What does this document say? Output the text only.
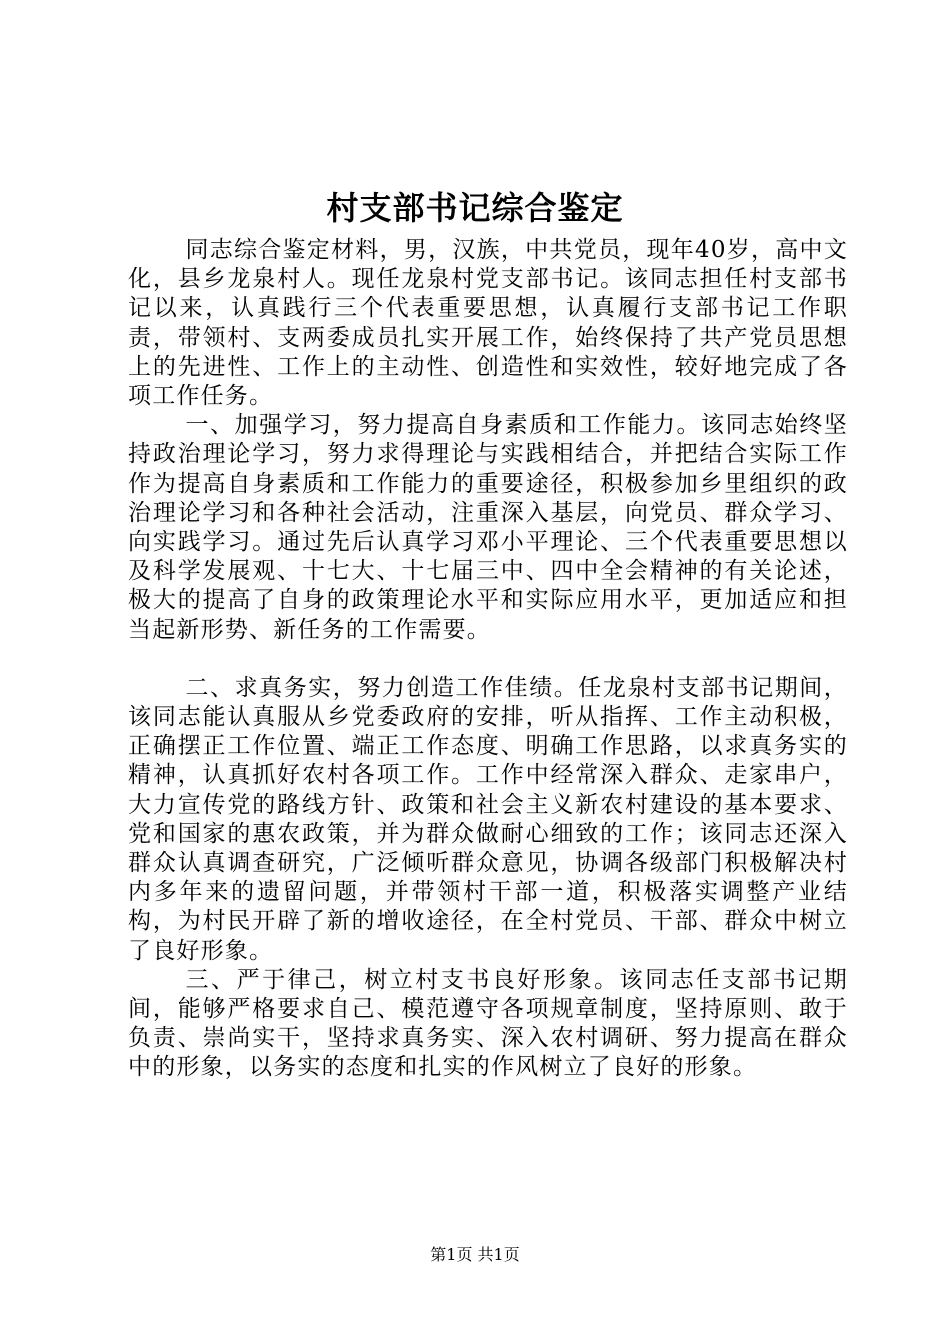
村支部书记综合鉴定

同志综合鉴定材料，男，汉族，中共党员，现年40岁，高中文化，县乡龙泉村人。现任龙泉村党支部书记。该同志担任村支部书记以来，认真践行三个代表重要思想，认真履行支部书记工作职责，带领村、支两委成员扎实开展工作，始终保持了共产党员思想上的先进性、工作上的主动性、创造性和实效性，较好地完成了各项工作任务。

一、加强学习，努力提高自身素质和工作能力。该同志始终坚持政治理论学习，努力求得理论与实践相结合，并把结合实际工作作为提高自身素质和工作能力的重要途径，积极参加乡里组织的政治理论学习和各种社会活动，注重深入基层，向党员、群众学习、向实践学习。通过先后认真学习邓小平理论、三个代表重要思想以及科学发展观、十七大、十七届三中、四中全会精神的有关论述，极大的提高了自身的政策理论水平和实际应用水平，更加适应和担当起新形势、新任务的工作需要。

二、求真务实，努力创造工作佳绩。任龙泉村支部书记期间，该同志能认真服从乡党委政府的安排，听从指挥、工作主动积极，正确摆正工作位置、端正工作态度、明确工作思路，以求真务实的精神，认真抓好农村各项工作。工作中经常深入群众、走家串户，大力宣传党的路线方针、政策和社会主义新农村建设的基本要求、党和国家的惠农政策，并为群众做耐心细致的工作；该同志还深入群众认真调查研究，广泛倾听群众意见，协调各级部门积极解决村内多年来的遗留问题，并带领村干部一道，积极落实调整产业结构，为村民开辟了新的增收途径，在全村党员、干部、群众中树立了良好形象。

三、严于律己，树立村支书良好形象。该同志任支部书记期间，能够严格要求自己、模范遵守各项规章制度，坚持原则、敢于负责、崇尚实干，坚持求真务实、深入农村调研、努力提高在群众中的形象，以务实的态度和扎实的作风树立了良好的形象。

第1页 共1页
